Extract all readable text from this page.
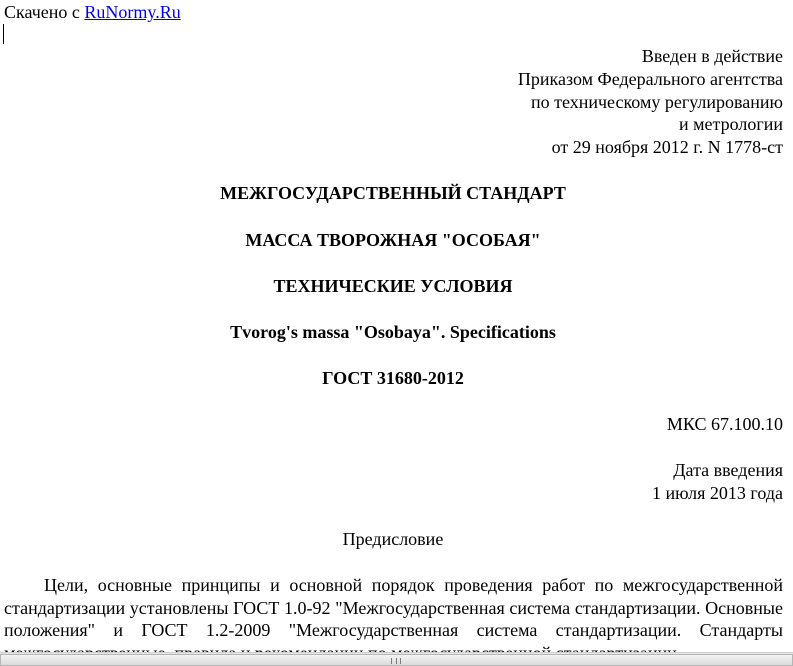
Скачено с RuNormy.Ru
Введен в действие
Приказом Федерального агентства
по техническому регулированию
и метрологии
от 29 ноября 2012 г. N 1778-ст
МЕЖГОСУДАРСТВЕННЫЙ СТАНДАРТ
МАССА ТВОРОЖНАЯ "ОСОБАЯ"
ТЕХНИЧЕСКИЕ УСЛОВИЯ
Tvorog's massa "Osobaya". Specifications
ГОСТ 31680-2012
МКС 67.100.10
Дата введения
1 июля 2013 года
Предисловие
Цели, основные принципы и основной порядок проведения работ по межгосударственной стандартизации установлены ГОСТ 1.0-92 "Межгосударственная система стандартизации. Основные положения" и ГОСТ 1.2-2009 "Межгосударственная система стандартизации. Стандарты
